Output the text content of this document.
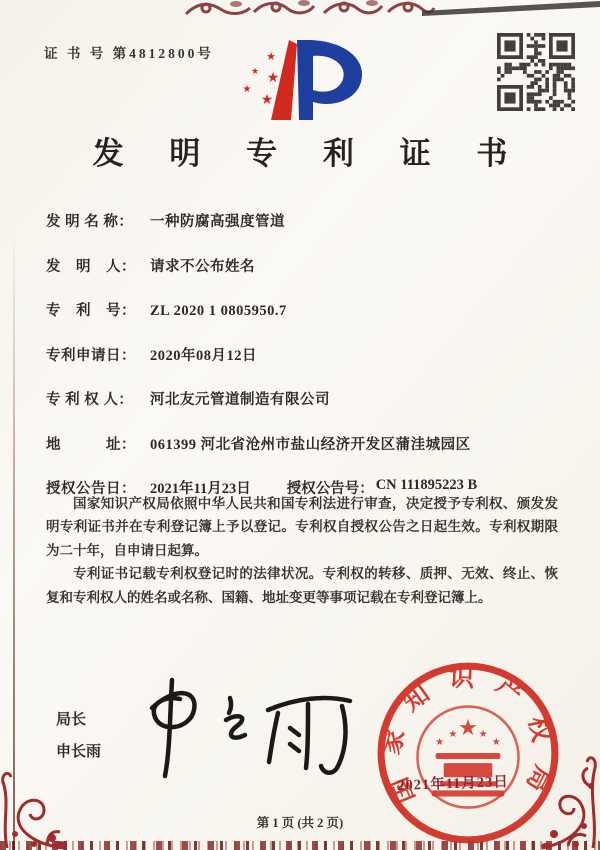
证 书 号 第4812800号	★
★ ★
★
★
发 明 专 利 证 书
发 明 名 称：	一种防腐高强度管道
发　明　人： 请求不公布姓名
专　利　号： ZL 2020 1 0805950.7
专利申请日： 2020年08月12日
专 利 权 人：	河北友元管道制造有限公司
地　　　址： 061399 河北省沧州市盐山经济开发区蒲洼城园区
授权公告日： 2021年11月23日 授权公告号： CN 111895223 B

国家知识产权局依照中华人民共和国专利法进行审查，决定授予专利权、颁发发明专利证书并在专利登记簿上予以登记。专利权自授权公告之日起生效。专利权期限为二十年，自申请日起算。

专利证书记载专利权登记时的法律状况。专利权的转移、质押、无效、终止、恢复和专利权人的姓名或名称、国籍、地址变更等事项记载在专利登记簿上。

局长
申长雨
★
★
★ ★
★
国家知识产权局
2021年11月23日
第 1 页 (共 2 页)
